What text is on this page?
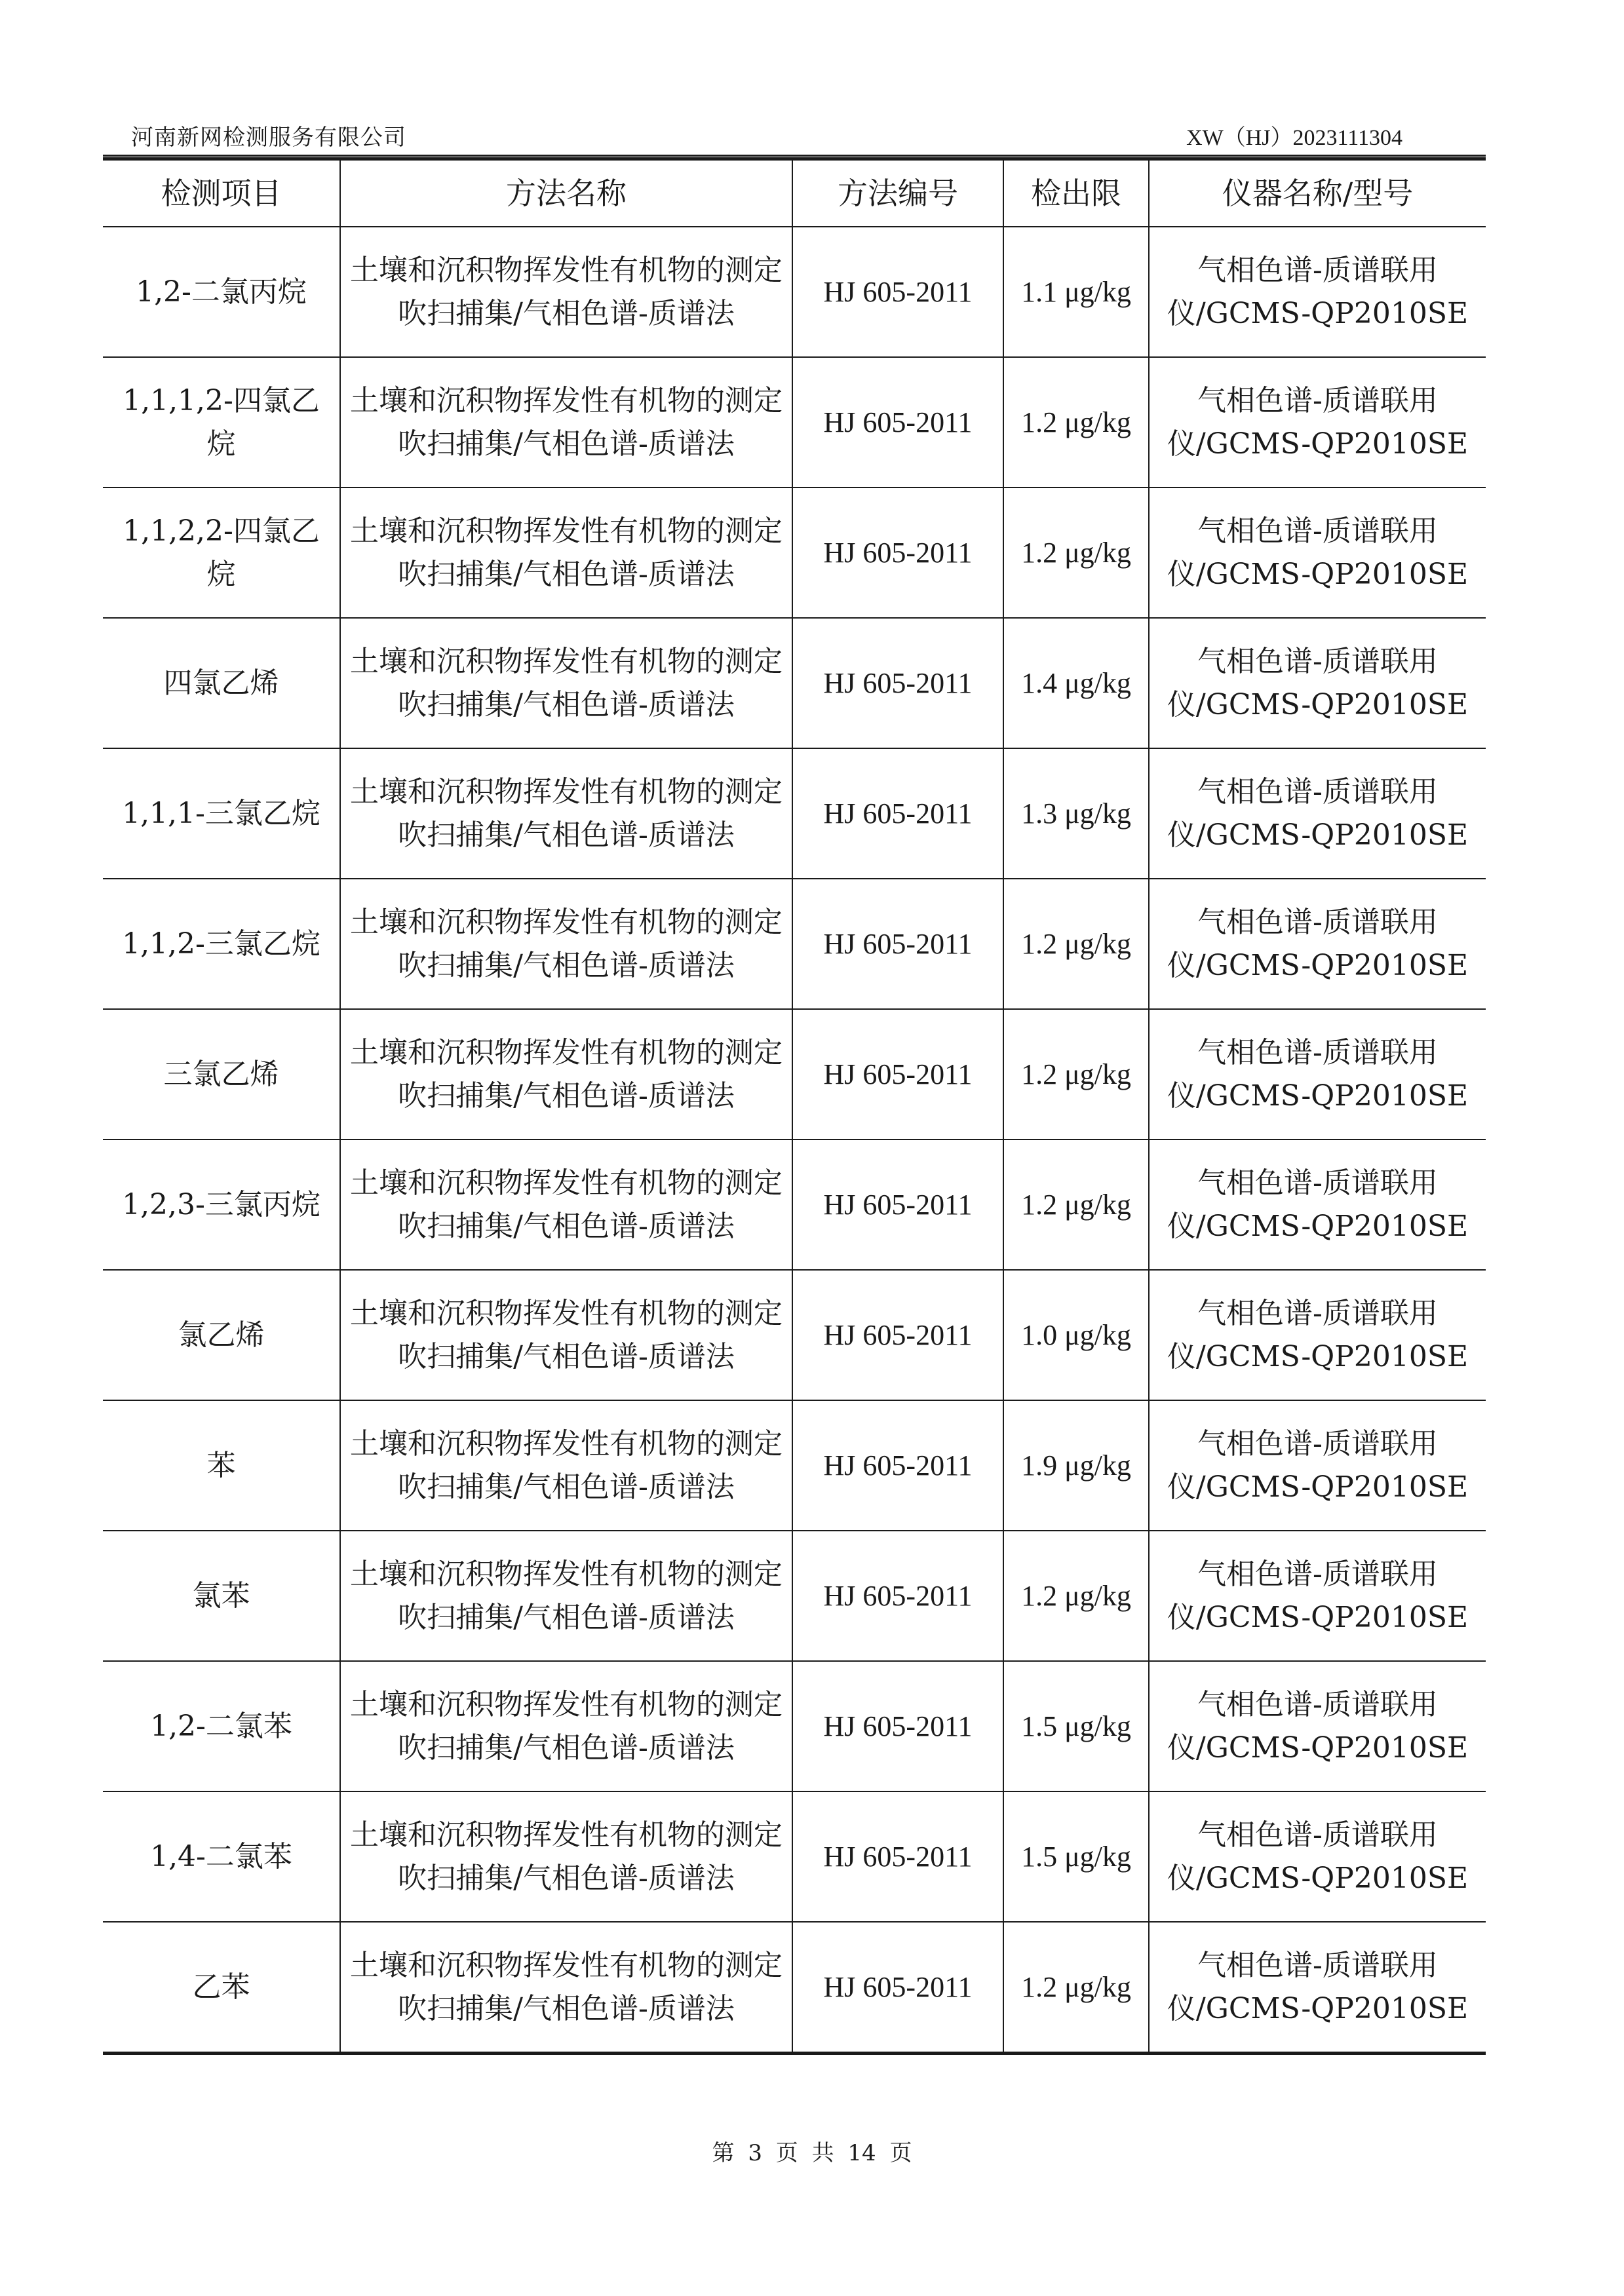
河南新网检测服务有限公司	XW（HJ）2023111304
检测项目	方法名称	方法编号	检出限	仪器名称/型号
1,2-二氯丙烷	土壤和沉积物挥发性有机物的测定吹扫捕集/气相色谱-质谱法	HJ 605-2011	1.1 μg/kg	气相色谱-质谱联用仪/GCMS-QP2010SE
1,1,1,2-四氯乙烷	土壤和沉积物挥发性有机物的测定吹扫捕集/气相色谱-质谱法	HJ 605-2011	1.2 μg/kg	气相色谱-质谱联用仪/GCMS-QP2010SE
1,1,2,2-四氯乙烷	土壤和沉积物挥发性有机物的测定吹扫捕集/气相色谱-质谱法	HJ 605-2011	1.2 μg/kg	气相色谱-质谱联用仪/GCMS-QP2010SE
四氯乙烯	土壤和沉积物挥发性有机物的测定吹扫捕集/气相色谱-质谱法	HJ 605-2011	1.4 μg/kg	气相色谱-质谱联用仪/GCMS-QP2010SE
1,1,1-三氯乙烷	土壤和沉积物挥发性有机物的测定吹扫捕集/气相色谱-质谱法	HJ 605-2011	1.3 μg/kg	气相色谱-质谱联用仪/GCMS-QP2010SE
1,1,2-三氯乙烷	土壤和沉积物挥发性有机物的测定吹扫捕集/气相色谱-质谱法	HJ 605-2011	1.2 μg/kg	气相色谱-质谱联用仪/GCMS-QP2010SE
三氯乙烯	土壤和沉积物挥发性有机物的测定吹扫捕集/气相色谱-质谱法	HJ 605-2011	1.2 μg/kg	气相色谱-质谱联用仪/GCMS-QP2010SE
1,2,3-三氯丙烷	土壤和沉积物挥发性有机物的测定吹扫捕集/气相色谱-质谱法	HJ 605-2011	1.2 μg/kg	气相色谱-质谱联用仪/GCMS-QP2010SE
氯乙烯	土壤和沉积物挥发性有机物的测定吹扫捕集/气相色谱-质谱法	HJ 605-2011	1.0 μg/kg	气相色谱-质谱联用仪/GCMS-QP2010SE
苯	土壤和沉积物挥发性有机物的测定吹扫捕集/气相色谱-质谱法	HJ 605-2011	1.9 μg/kg	气相色谱-质谱联用仪/GCMS-QP2010SE
氯苯	土壤和沉积物挥发性有机物的测定吹扫捕集/气相色谱-质谱法	HJ 605-2011	1.2 μg/kg	气相色谱-质谱联用仪/GCMS-QP2010SE
1,2-二氯苯	土壤和沉积物挥发性有机物的测定吹扫捕集/气相色谱-质谱法	HJ 605-2011	1.5 μg/kg	气相色谱-质谱联用仪/GCMS-QP2010SE
1,4-二氯苯	土壤和沉积物挥发性有机物的测定吹扫捕集/气相色谱-质谱法	HJ 605-2011	1.5 μg/kg	气相色谱-质谱联用仪/GCMS-QP2010SE
乙苯	土壤和沉积物挥发性有机物的测定吹扫捕集/气相色谱-质谱法	HJ 605-2011	1.2 μg/kg	气相色谱-质谱联用仪/GCMS-QP2010SE
第 3 页 共 14 页
